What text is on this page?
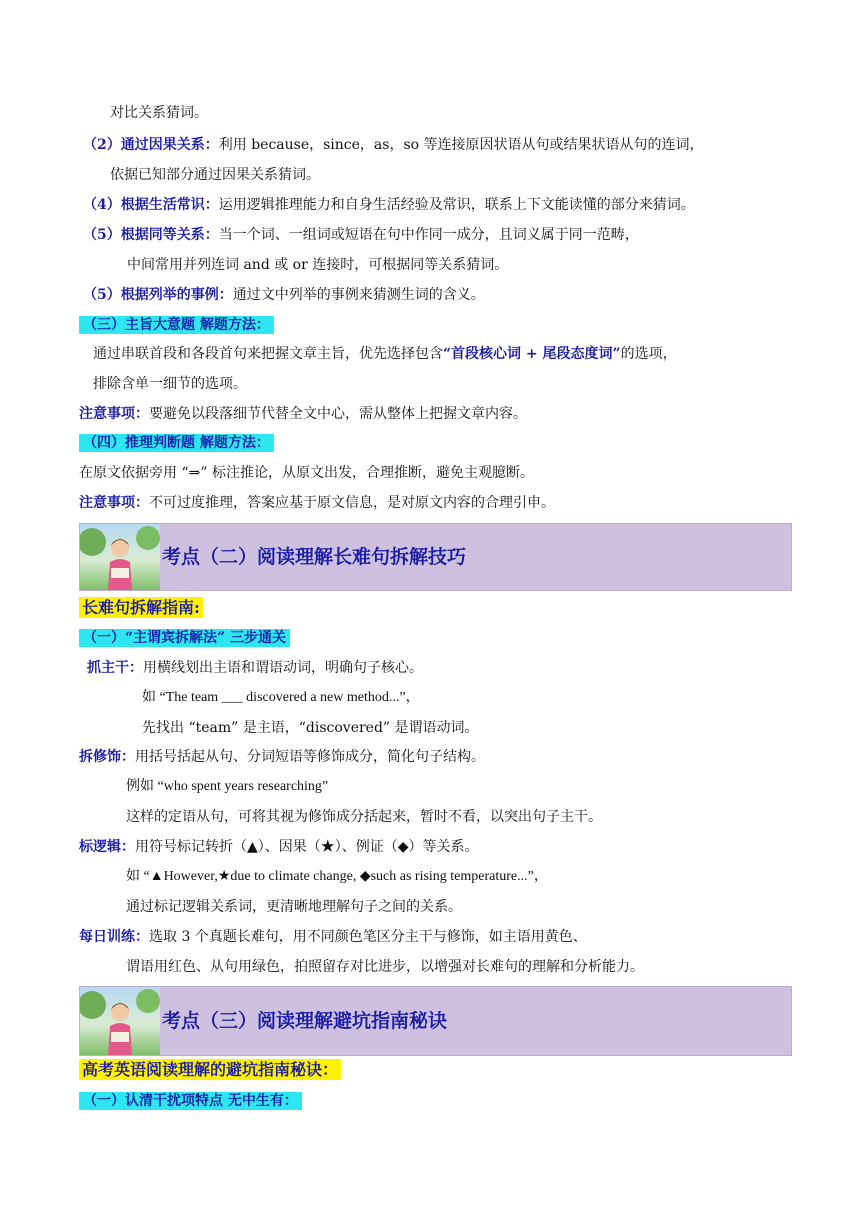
对比关系猜词。
（2）通过因果关系：利用 because，since，as，so 等连接原因状语从句或结果状语从句的连词，
依据已知部分通过因果关系猜词。
（4）根据生活常识：运用逻辑推理能力和自身生活经验及常识，联系上下文能读懂的部分来猜词。
（5）根据同等关系：当一个词、一组词或短语在句中作同一成分，且词义属于同一范畴，
中间常用并列连词 and 或 or 连接时，可根据同等关系猜词。
（5）根据列举的事例：通过文中列举的事例来猜测生词的含义。
（三）主旨大意题 解题方法：
通过串联首段和各段首句来把握文章主旨，优先选择包含“首段核心词 + 尾段态度词”的选项，
排除含单一细节的选项。
注意事项：要避免以段落细节代替全文中心，需从整体上把握文章内容。
（四）推理判断题 解题方法：
在原文依据旁用 “⇒” 标注推论，从原文出发，合理推断，避免主观臆断。
注意事项：不可过度推理，答案应基于原文信息，是对原文内容的合理引申。
考点（二）阅读理解长难句拆解技巧
长难句拆解指南:
（一）“主谓宾拆解法” 三步通关
抓主干：用横线划出主语和谓语动词，明确句子核心。
如 “The team ___ discovered a new method...”，
先找出 “team” 是主语，“discovered” 是谓语动词。
拆修饰：用括号括起从句、分词短语等修饰成分，简化句子结构。
例如 “who spent years researching”
这样的定语从句，可将其视为修饰成分括起来，暂时不看，以突出句子主干。
标逻辑：用符号标记转折（▲）、因果（★）、例证（◆）等关系。
如 “▲However,★due to climate change, ◆such as rising temperature...”，
通过标记逻辑关系词，更清晰地理解句子之间的关系。
每日训练：选取 3 个真题长难句，用不同颜色笔区分主干与修饰，如主语用黄色、
谓语用红色、从句用绿色，拍照留存对比进步，以增强对长难句的理解和分析能力。
考点（三）阅读理解避坑指南秘诀
高考英语阅读理解的避坑指南秘诀：
（一）认清干扰项特点 无中生有：
